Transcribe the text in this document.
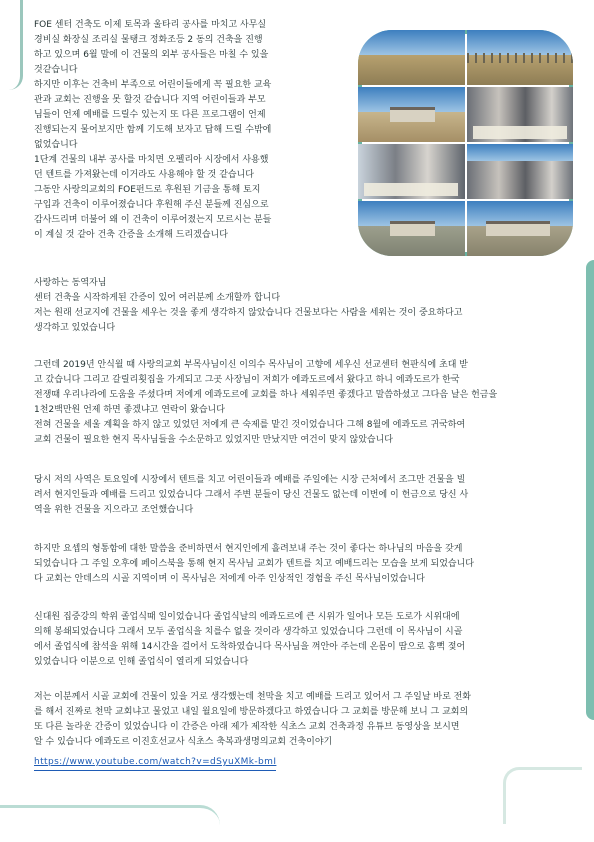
FOE 센터 건축도 이제 토목과 울타리 공사를 마치고 사무실
경비실 화장실 조리실 물탱크 정화조등 2 동의 건축을 진행
하고 있으며 6월 말에 이 건물의 외부 공사들은 마칠 수 있을
것같습니다
하지만 이후는 건축비 부족으로 어린이들에게 꼭 필요한 교육
관과 교회는 진행을 못 할것 같습니다 지역 어린이들과 부모
님들이 언제 예배를 드릴수 있는지 또 다른 프로그램이 언제
진행되는지 물어보지만 함께 기도해 보자고 답해 드릴 수밖에
없었습니다
1단계 건물의 내부 공사를 마치면 오펠리아 시장에서 사용했
던 텐트를 가져왔는데 이거라도 사용해야 할 것 같습니다
그동안 사랑의교회의 FOE펀드로 후원된 기금을 통해 토지
구입과 건축이 이루어졌습니다 후원해 주신 분들께 진심으로
감사드리며 더불어 왜 이 건축이 이루어졌는지 모르시는 분들
이 계실 것 같아 건축 간증을 소개해 드리겠습니다

사랑하는 동역자님
센터 건축을 시작하게된 간증이 있어 여러분께 소개할까 합니다
저는 원래 선교지에 건물을 세우는 것을 좋게 생각하지 않았습니다 건물보다는 사람을 세워는 것이 중요하다고
생각하고 있었습니다

그런데 2019년 안식월 때 사랑의교회 부목사님이신 이의수 목사님이 고향에 세우신 선교센터 현판식에 초대 받
고 갔습니다 그리고 갈릴리횟집을 가게되고 그곳 사장님이 저희가 에콰도르에서 왔다고 하니 에콰도르가 한국
전쟁때 우리나라에 도움을 주셨다며 저에게 에콰도르에 교회를 하나 세워주면 좋겠다고 말씀하셨고 그다음 날은 헌금을
1천2백만원 언제 하면 좋겠냐고 연락이 왔습니다
전혀 건물을 세울 계획을 하지 않고 있었던 저에게 큰 숙제를 맡긴 것이었습니다 그해 8월에 에콰도르 귀국하여
교회 건물이 필요한 현지 목사님들을 수소문하고 있었지만 만났지만 여건이 맞지 않았습니다

당시 저의 사역은 토요일에 시장에서 텐트를 치고 어린이들과 예배를 주일에는 시장 근처에서 조그만 건물을 빌
려서 현지인들과 예배를 드리고 있었습니다 그래서 주변 분들이 당신 건물도 없는데 이번에 이 헌금으로 당신 사
역을 위한 건물을 지으라고 조언했습니다

하지만 요셉의 형통함에 대한 말씀을 준비하면서 현지인에게 흘려보내 주는 것이 좋다는 하나님의 마음을 갖게
되었습니다 그 주일 오후에 페이스북을 통해 현지 목사님 교회가 텐트를 치고 예배드리는 모습을 보게 되었습니다
다 교회는 안데스의 시골 지역이며 이 목사님은 저에게 아주 인상적인 경험을 주신 목사님이었습니다

신대원 집중강의 학위 졸업식때 일이었습니다 졸업식날의 에콰도르에 큰 시위가 일어나 모든 도로가 시위대에
의해 봉쇄되었습니다 그래서 모두 졸업식을 치를수 없을 것이라 생각하고 있었습니다 그런데 이 목사님이 시골
에서 졸업식에 참석을 위해 14시간을 걸어서 도착하였습니다 목사님을 껴안아 주는데 온몸이 땀으로 흠뻑 젖어
있었습니다 이분으로 인해 졸업식이 열리게 되었습니다

저는 이분께서 시골 교회에 건물이 있을 거로 생각했는데 천막을 치고 예배를 드리고 있어서 그 주일날 바로 전화
를 해서 진짜로 천막 교회냐고 물었고 내일 월요일에 방문하겠다고 하였습니다 그 교회를 방문해 보니 그 교회의
또 다른 놀라운 간증이 있었습니다 이 간증은 아래 제가 제작한 식초스 교회 건축과정 유튜브 동영상을 보시면
알 수 있습니다 에콰도르 이진호선교사 식초스 축복과생명의교회 건축이야기

https://www.youtube.com/watch?v=dSyuXMk-bmI
